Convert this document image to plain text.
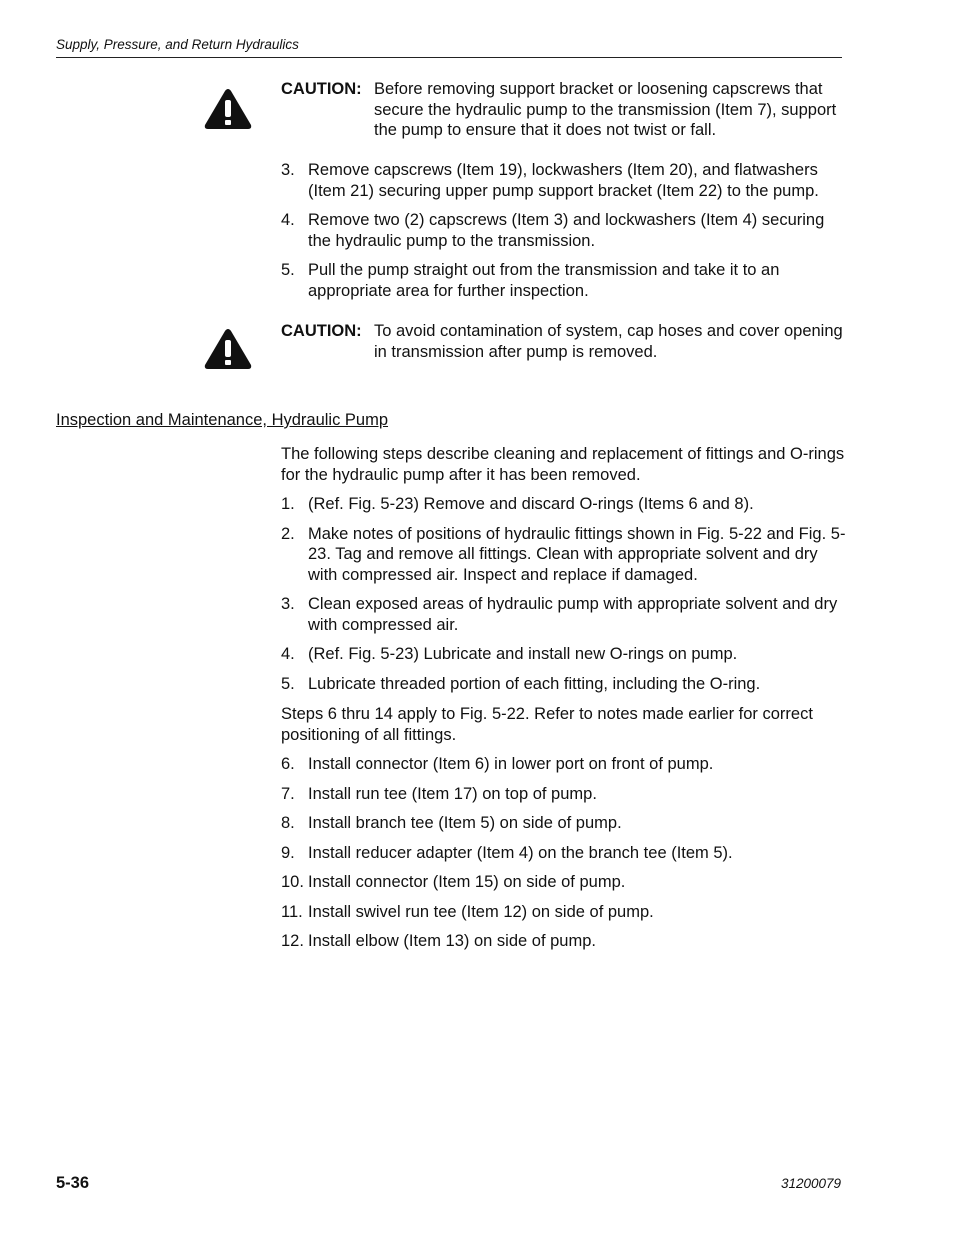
Supply, Pressure, and Return Hydraulics
CAUTION: Before removing support bracket or loosening capscrews that secure the hydraulic pump to the transmission (Item 7), support the pump to ensure that it does not twist or fall.
3. Remove capscrews (Item 19), lockwashers (Item 20), and flatwashers (Item 21) securing upper pump support bracket (Item 22) to the pump.
4. Remove two (2) capscrews (Item 3) and lockwashers (Item 4) securing the hydraulic pump to the transmission.
5. Pull the pump straight out from the transmission and take it to an appropriate area for further inspection.
CAUTION: To avoid contamination of system, cap hoses and cover opening in transmission after pump is removed.
Inspection and Maintenance, Hydraulic Pump

The following steps describe cleaning and replacement of fittings and O-rings for the hydraulic pump after it has been removed.

1. (Ref. Fig. 5-23) Remove and discard O-rings (Items 6 and 8).
2. Make notes of positions of hydraulic fittings shown in Fig. 5-22 and Fig. 5-23. Tag and remove all fittings. Clean with appropriate solvent and dry with compressed air. Inspect and replace if damaged.
3. Clean exposed areas of hydraulic pump with appropriate solvent and dry with compressed air.
4. (Ref. Fig. 5-23) Lubricate and install new O-rings on pump.
5. Lubricate threaded portion of each fitting, including the O-ring.

Steps 6 thru 14 apply to Fig. 5-22. Refer to notes made earlier for correct positioning of all fittings.

6. Install connector (Item 6) in lower port on front of pump.
7. Install run tee (Item 17) on top of pump.
8. Install branch tee (Item 5) on side of pump.
9. Install reducer adapter (Item 4) on the branch tee (Item 5).
10. Install connector (Item 15) on side of pump.
11. Install swivel run tee (Item 12) on side of pump.
12. Install elbow (Item 13) on side of pump.
5-36	31200079
